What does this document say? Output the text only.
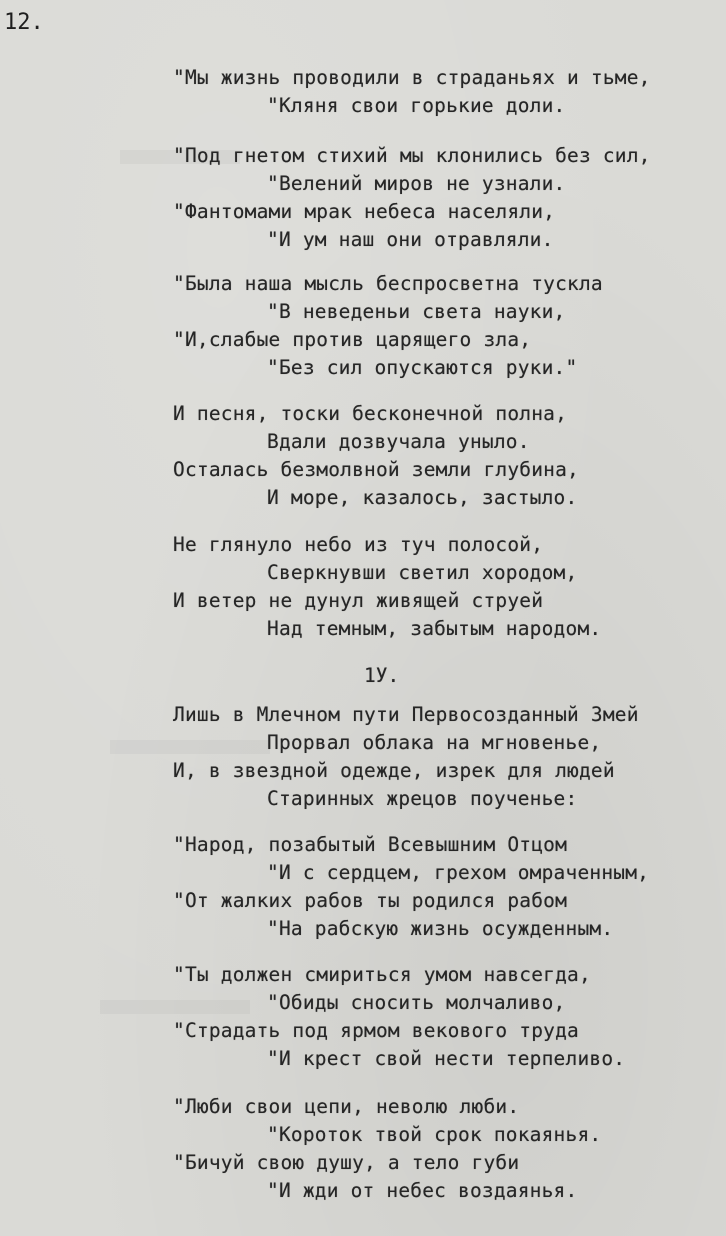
12.
"Мы жизнь проводили в страданьях и тьме,
"Кляня свои горькие доли.
"Под гнетом стихий мы клонились без сил,
"Велений миров не узнали.
"Фантомами мрак небеса населяли,
"И ум наш они отравляли.
"Была наша мысль беспросветна тускла
"В неведеньи света науки,
"И,слабые против царящего зла,
"Без сил опускаются руки."
И песня, тоски бесконечной полна,
Вдали дозвучала уныло.
Осталась безмолвной земли глубина,
И море, казалось, застыло.
Не глянуло небо из туч полосой,
Сверкнувши светил хородом,
И ветер не дунул живящей струей
Над темным, забытым народом.
1У.
Лишь в Млечном пути Первосозданный Змей
Прорвал облака на мгновенье,
И, в звездной одежде, изрек для людей
Старинных жрецов поученье:
"Народ, позабытый Всевышним Отцом
"И с сердцем, грехом омраченным,
"От жалких рабов ты родился рабом
"На рабскую жизнь осужденным.
"Ты должен смириться умом навсегда,
"Обиды сносить молчаливо,
"Страдать под ярмом векового труда
"И крест свой нести терпеливо.
"Люби свои цепи, неволю люби.
"Короток твой срок покаянья.
"Бичуй свою душу, а тело губи
"И жди от небес воздаянья.
